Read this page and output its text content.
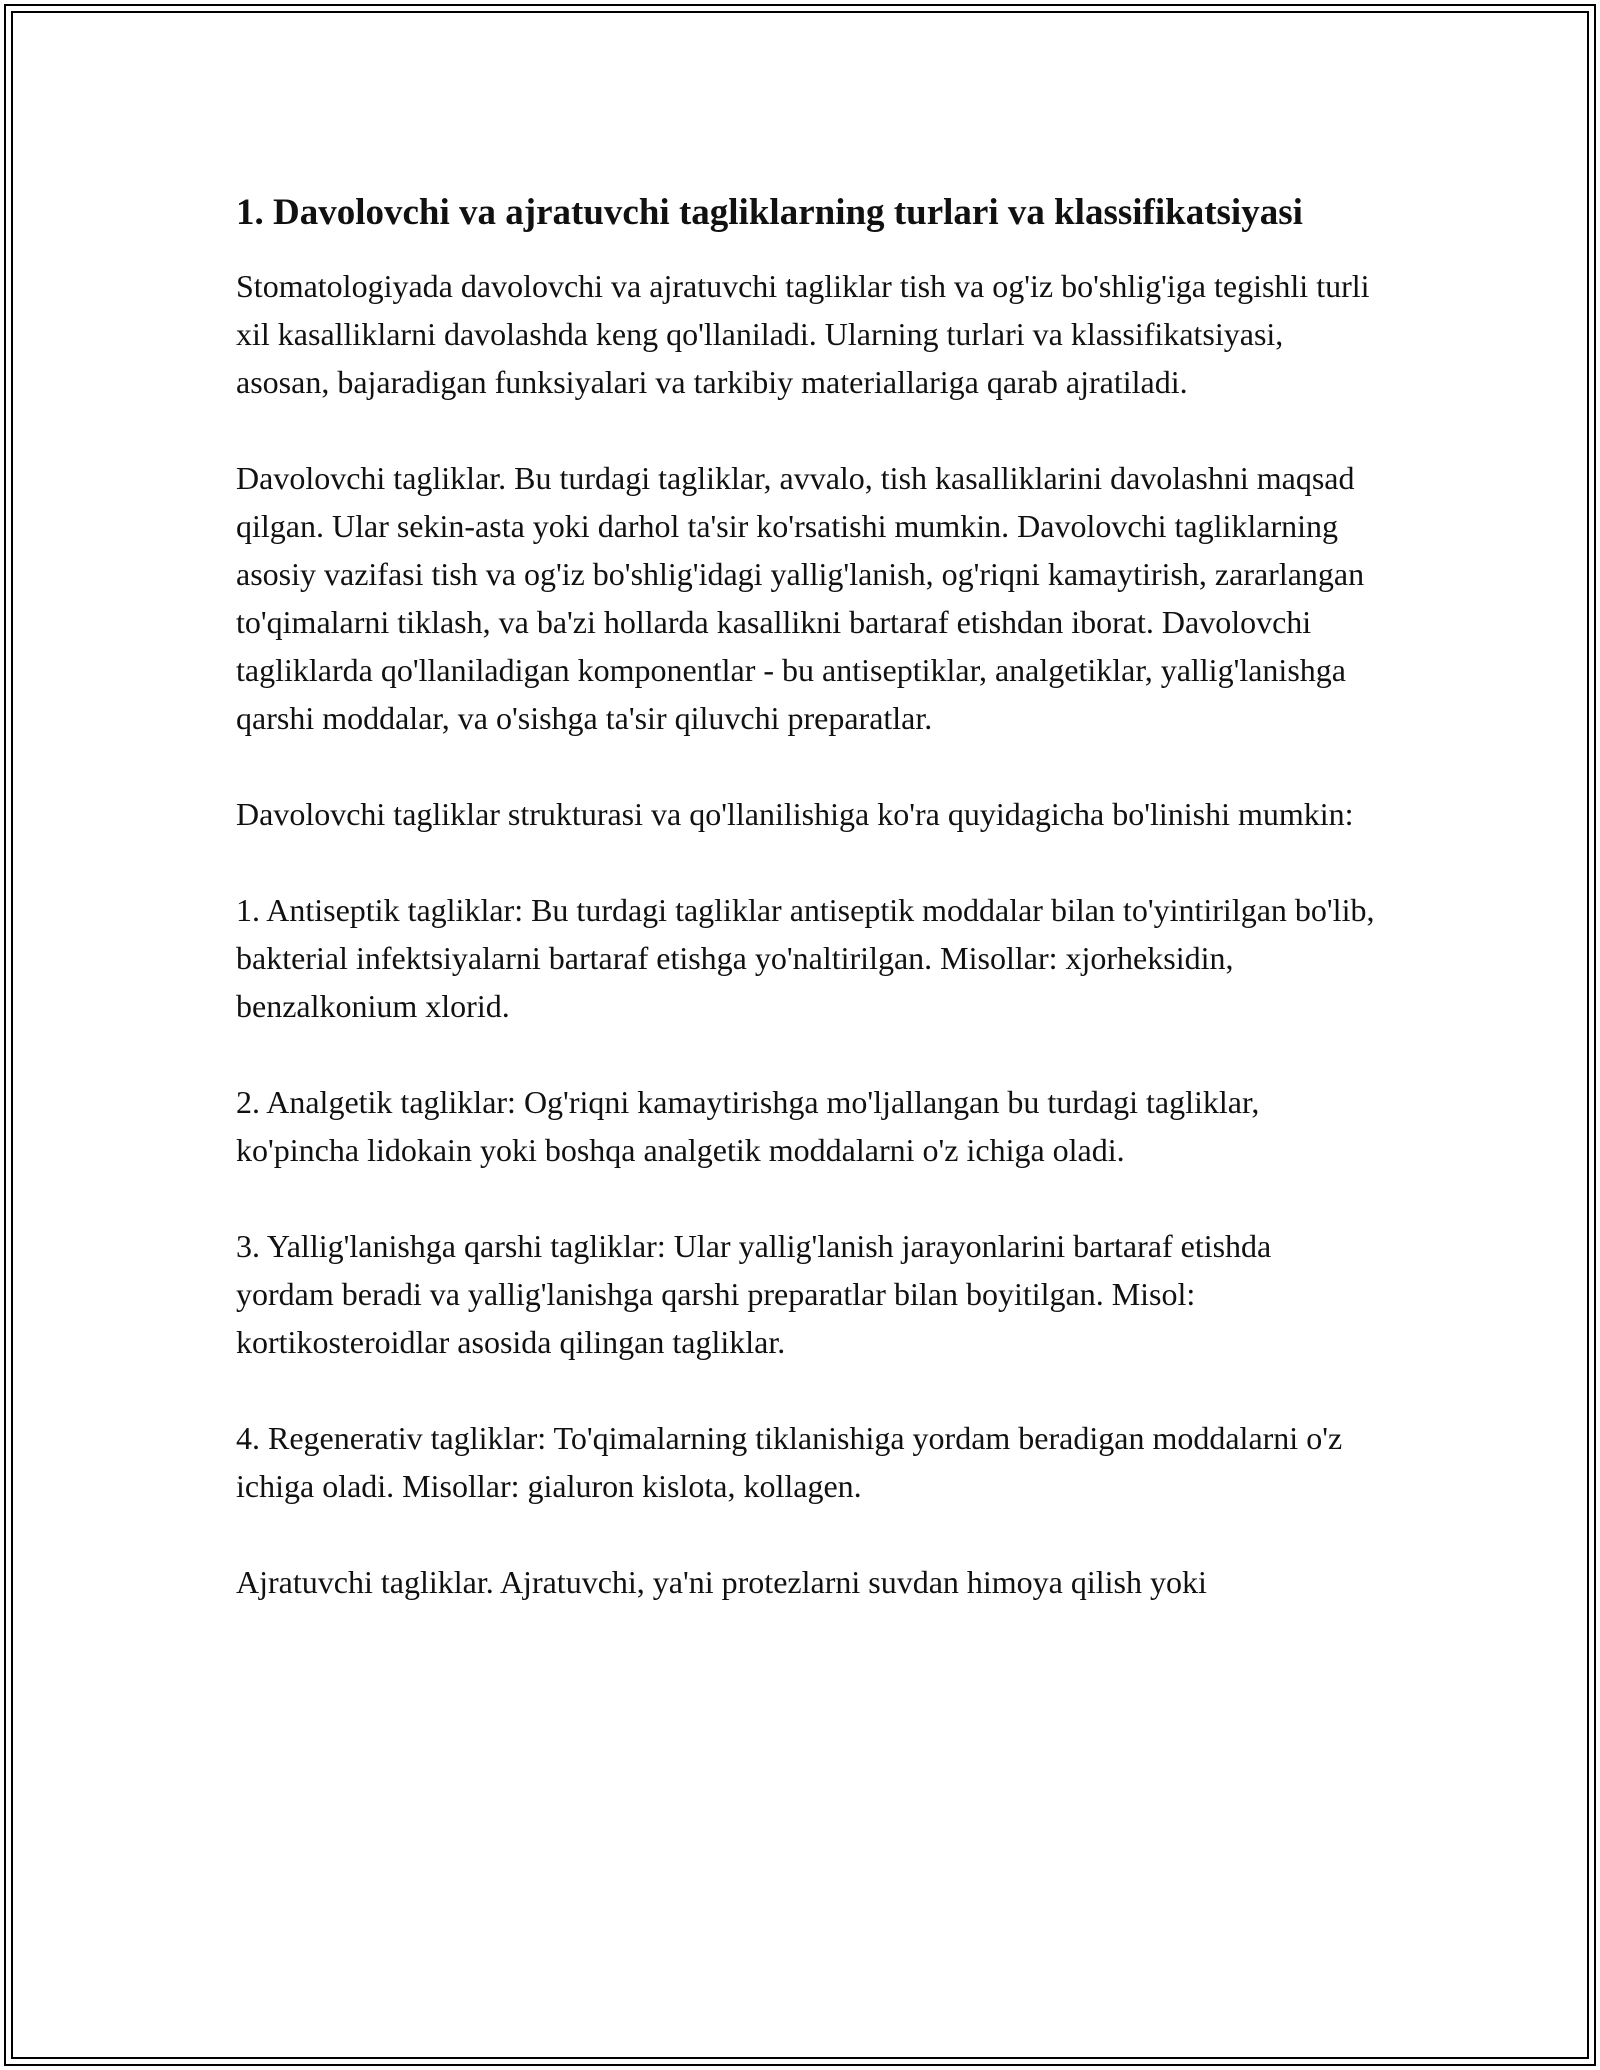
1. Davolovchi va ajratuvchi tagliklarning turlari va klassifikatsiyasi

Stomatologiyada davolovchi va ajratuvchi tagliklar tish va og'iz bo'shlig'iga tegishli turli xil kasalliklarni davolashda keng qo'llaniladi. Ularning turlari va klassifikatsiyasi, asosan, bajaradigan funksiyalari va tarkibiy materiallariga qarab ajratiladi.

Davolovchi tagliklar. Bu turdagi tagliklar, avvalo, tish kasalliklarini davolashni maqsad qilgan. Ular sekin-asta yoki darhol ta'sir ko'rsatishi mumkin. Davolovchi tagliklarning asosiy vazifasi tish va og'iz bo'shlig'idagi yallig'lanish, og'riqni kamaytirish, zararlangan to'qimalarni tiklash, va ba'zi hollarda kasallikni bartaraf etishdan iborat. Davolovchi tagliklarda qo'llaniladigan komponentlar - bu antiseptiklar, analgetiklar, yallig'lanishga qarshi moddalar, va o'sishga ta'sir qiluvchi preparatlar.

Davolovchi tagliklar strukturasi va qo'llanilishiga ko'ra quyidagicha bo'linishi mumkin:

1. Antiseptik tagliklar: Bu turdagi tagliklar antiseptik moddalar bilan to'yintirilgan bo'lib, bakterial infektsiyalarni bartaraf etishga yo'naltirilgan. Misollar: xjorheksidin, benzalkonium xlorid.

2. Analgetik tagliklar: Og'riqni kamaytirishga mo'ljallangan bu turdagi tagliklar, ko'pincha lidokain yoki boshqa analgetik moddalarni o'z ichiga oladi.

3. Yallig'lanishga qarshi tagliklar: Ular yallig'lanish jarayonlarini bartaraf etishda yordam beradi va yallig'lanishga qarshi preparatlar bilan boyitilgan. Misol: kortikosteroidlar asosida qilingan tagliklar.

4. Regenerativ tagliklar: To'qimalarning tiklanishiga yordam beradigan moddalarni o'z ichiga oladi. Misollar: gialuron kislota, kollagen.

Ajratuvchi tagliklar. Ajratuvchi, ya'ni protezlarni suvdan himoya qilish yoki
